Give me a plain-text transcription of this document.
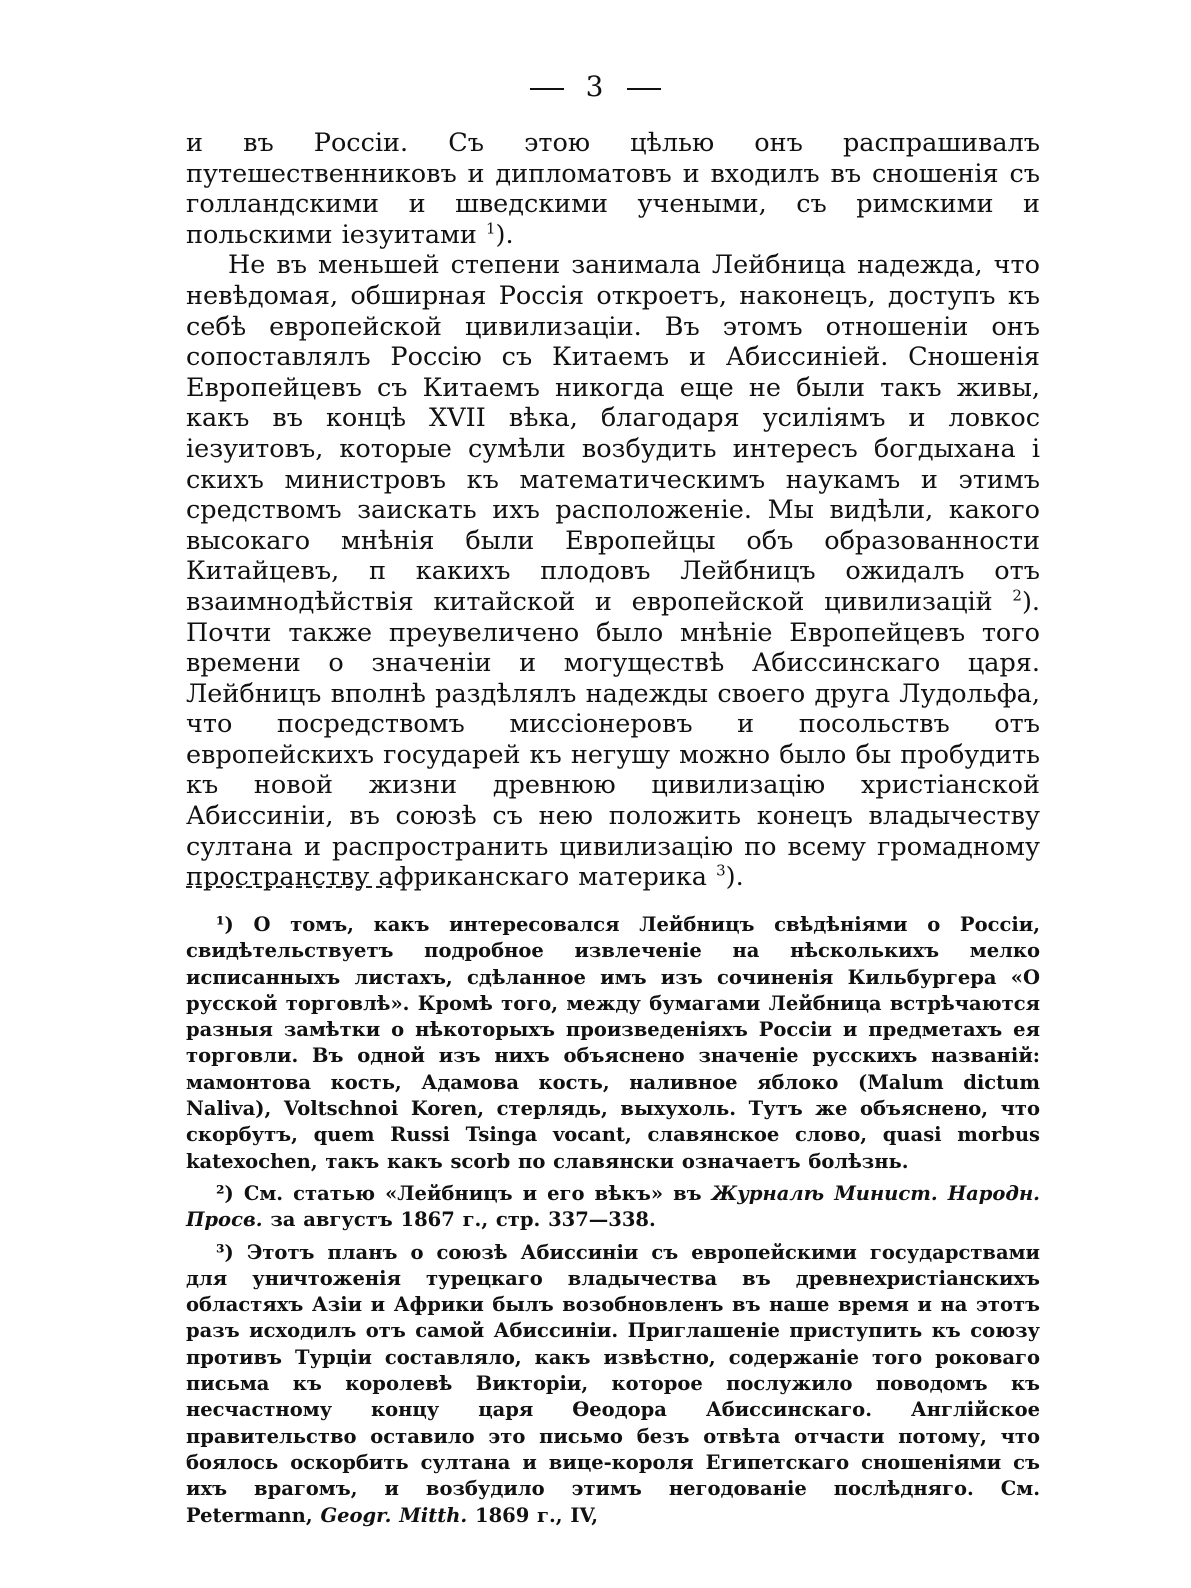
3

и въ Россіи. Съ этою цѣлью онъ распрашивалъ путешественниковъ и дипломатовъ и входилъ въ сношенія съ голландскими и шведскими учеными, съ римскими и польскими іезуитами $^1$).

Не въ меньшей степени занимала Лейбница надежда, что невѣдомая, обширная Россія откроетъ, наконецъ, доступъ къ себѣ европейской цивилизаціи. Въ этомъ отношеніи онъ сопоставлялъ Россію съ Китаемъ и Абиссиніей. Сношенія Европейцевъ съ Китаемъ никогда еще не были такъ живы, какъ въ концѣ XVII вѣка, благодаря усиліямъ и ловкос іезуитовъ, которые сумѣли возбудить интересъ богдыхана і скихъ министровъ къ математическимъ наукамъ и этимъ средствомъ заискать ихъ расположеніе. Мы видѣли, какого высокаго мнѣнія были Европейцы объ образованности Китайцевъ, п какихъ плодовъ Лейбницъ ожидалъ отъ взаимнодѣйствія китайской и европейской цивилизацій $^2$). Почти также преувеличено было мнѣніе Европейцевъ того времени о значеніи и могуществѣ Абиссинскаго царя. Лейбницъ вполнѣ раздѣлялъ надежды своего друга Лудольфа, что посредствомъ миссіонеровъ и посольствъ отъ европейскихъ государей къ негушу можно было бы пробудить къ новой жизни древнюю цивилизацію христіанской Абиссиніи, въ союзѣ съ нею положить конецъ владычеству султана и распространить цивилизацію по всему громадному пространству африканскаго материка $^3$).

¹) О томъ, какъ интересовался Лейбницъ свѣдѣніями о Россіи, свидѣтельствуетъ подробное извлеченіе на нѣсколькихъ мелко исписанныхъ листахъ, сдѣланное имъ изъ сочиненія Кильбургера «О русской торговлѣ». Кромѣ того, между бумагами Лейбница встрѣчаются разныя замѣтки о нѣкоторыхъ произведеніяхъ Россіи и предметахъ ея торговли. Въ одной изъ нихъ объяснено значеніе русскихъ названій: мамонтова кость, Адамова кость, наливное яблоко (Malum dictum Naliva), Voltschnoi Koren, стерлядь, выхухоль. Тутъ же объяснено, что скорбутъ, quem Russi Tsinga vocant, славянское слово, quasi morbus katexochen, такъ какъ scorb по славянски означаетъ болѣзнь.

²) См. статью «Лейбницъ и его вѣкъ» въ Журналѣ Минист. Народн. Просв. за августъ 1867 г., стр. 337—338.

³) Этотъ планъ о союзѣ Абиссиніи съ европейскими государствами для уничтоженія турецкаго владычества въ древнехристіанскихъ областяхъ Азіи и Африки былъ возобновленъ въ наше время и на этотъ разъ исходилъ отъ самой Абиссиніи. Приглашеніе приступить къ союзу противъ Турціи составляло, какъ извѣстно, содержаніе того роковаго письма къ королевѣ Викторіи, которое послужило поводомъ къ несчастному концу царя Ѳеодора Абиссинскаго. Англійское правительство оставило это письмо безъ отвѣта отчасти потому, что боялось оскорбить султана и вице-короля Египетскаго сношеніями съ ихъ врагомъ, и возбудило этимъ негодованіе послѣдняго. См. Petermann, Geogr. Mitth. 1869 г., IV,
